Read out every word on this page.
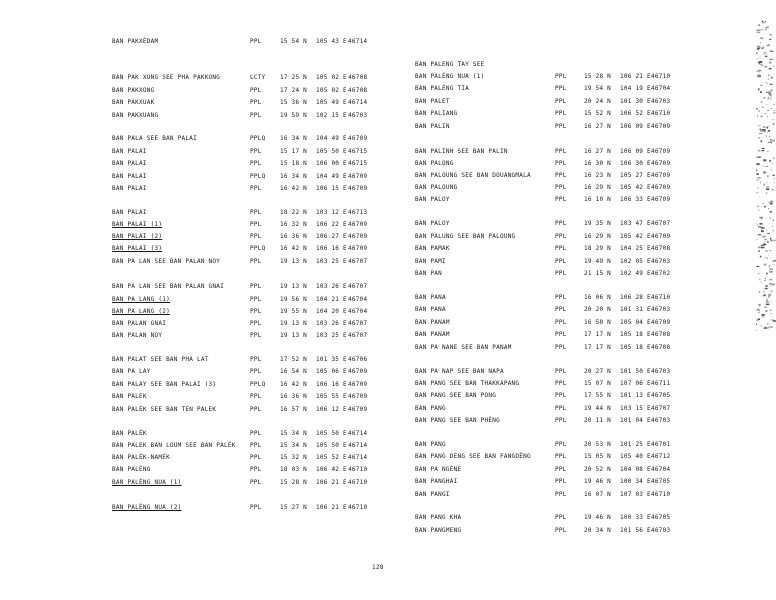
BAN PAKXÉDAM	PPL	15 54 N 105 43 E 46714
BAN PAK XONG SEE PHA PAKKONG	LCTY 17 25 N 105 02 E 46708
BAN PAKXONG	PPL	17 24 N 105 02 E 46708
BAN PAKXUAK	PPL	15 36 N 105 49 E 46714
BAN PAKXUANG	PPL	19 59 N 102 15 E 46703
BAN PALA SEE BAN PALAI	PPLQ 16 34 N 104 49 E 46709
BAN PALAI	PPL	15 17 N 105 50 E 46715
BAN PALAI	PPL	15 18 N 106 00 E 46715
BAN PALAI	PPLQ 16 34 N 104 49 E 46709
BAN PALAI	PPL	16 42 N 106 15 E 46709
BAN PALAI	PPL	18 22 N 103 12 E 46713
BAN PALAI (1)	PPL	16 32 N 106 22 E 46709
BAN PALAI (2)	PPL	16 36 N 106 27 E 46709
BAN PALAI (3)	PPLQ 16 42 N 106 16 E 46709
BAN PA LAN SEE BAN PALAN NOY	PPL	19 13 N 103 25 E 46707
BAN PA LAN SEE BAN PALAN GNAI	PPL	19 13 N 103 26 E 46707
BAN PA LANG (1)	PPL	19 56 N 104 21 E 46704
BAN PA LANG (2)	PPL	19 55 N 104 20 E 46704
BAN PALAN GNAI	PPL	19 13 N 103 26 E 46707
BAN PALAN NOY	PPL	19 13 N 103 25 E 46707
BAN PALAT SEE BAN PHA LAT	PPL	17 52 N 101 35 E 46706
BAN PA LAY	PPL	16 54 N 105 06 E 46709
BAN PALAY SEE BAN PALAI (3)	PPLQ 16 42 N 106 16 E 46709
BAN PALEK	PPL	16 36 N 105 55 E 46709
BAN PALEK SEE BAN TEN PALEK	PPL	16 57 N 106 12 E 46709
BAN PALÉK	PPL	15 34 N 105 50 E 46714
BAN PALEK BAN LOUM SEE BAN PALÉK PPL	15 34 N 105 50 E 46714
BAN PALÉK-NAMÉK	PPL	15 32 N 105 52 E 46714
BAN PALÈNG	PPL	18 03 N 106 42 E 46710
BAN PALÈNG NUA (1)	PPL	15 28 N 106 21 E 46710
BAN PALÈNG NUA (2)	PPL	15 27 N 106 21 E 46710
BAN PALENG TAY SEE
BAN PALÈNG NUA (1)	PPL	15 28 N 106 21 E 46710
BAN PALÈNG TIA	PPL	19 54 N 104 19 E 46704
BAN PALET	PPL	20 24 N 101 30 E 46703
BAN PALIANG	PPL	15 52 N 106 52 E 46710
BAN PALIN	PPL	16 27 N 106 09 E 46709
BAN PALINH SEE BAN PALIN	PPL	16 27 N 106 09 E 46709
BAN PALONG	PPL	16 30 N 106 30 E 46709
BAN PALOUNG SEE BAN DOUANGMALA	PPL	16 23 N 105 27 E 46709
BAN PALOUNG	PPL	16 29 N 105 42 E 46709
BAN PALOY	PPL	16 10 N 106 33 E 46709
BAN PALOY	PPL	19 35 N 103 47 E 46707
BAN PALUNG SEE BAN PALOUNG	PPL	16 29 N 105 42 E 46709
BAN PAMAK	PPL	18 29 N 104 25 E 46708
BAN PAMI	PPL	19 49 N 102 05 E 46703
BAN PAN	PPL	21 15 N 102 49 E 46702
BAN PANA	PPL	16 06 N 106 28 E 46710
BAN PANA	PPL	20 20 N 101 31 E 46703
BAN PANAM	PPL	16 50 N 105 04 E 46709
BAN PANAM	PPL	17 17 N 105 18 E 46708
BAN PA NANE SEE BAN PANAM	PPL	17 17 N 105 18 E 46708
BAN PA NAP SEE BAN NAPA	PPL	20 27 N 101 50 E 46703
BAN PANG SEE BAN THAKKAPANG	PPL	15 07 N 107 06 E 46711
BAN PANG SEE BAN PONG	PPL	17 55 N 101 13 E 46705
BAN PANG	PPL	19 44 N 103 15 E 46707
BAN PANG SEE BAN PHÈNG	PPL	20 11 N 101 04 E 46703
BAN PANG	PPL	20 53 N 101 25 E 46701
BAN PANG DENG SEE BAN FANGDÈNG	PPL	15 05 N 105 40 E 46712
BAN PA NGÈNE	PPL	20 52 N 104 08 E 46704
BAN PANGHAI	PPL	19 46 N 100 34 E 46705
BAN PANGI	PPL	16 07 N 107 03 E 46710
BAN PANG KHA	PPL	19 46 N 100 33 E 46705
BAN PANGMENG	PPL	20 34 N 101 56 E 46703
128
